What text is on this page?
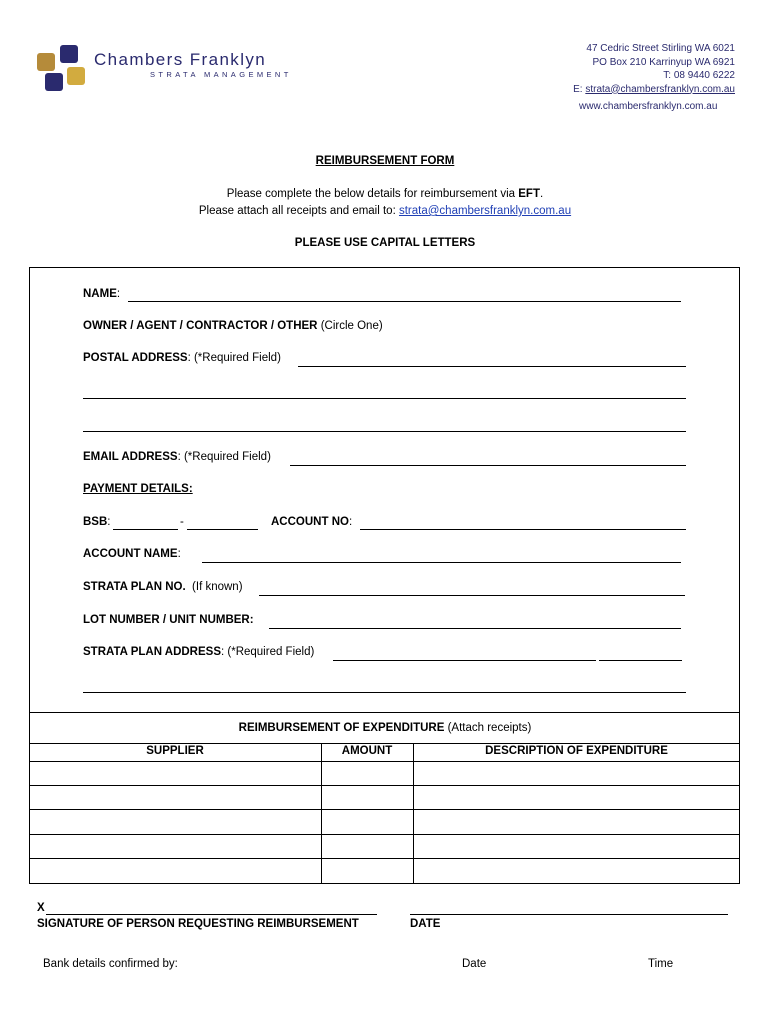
Chambers Franklyn
STRATA MANAGEMENT
47 Cedric Street Stirling WA 6021
PO Box 210 Karrinyup WA 6921
T: 08 9440 6222
E: strata@chambersfranklyn.com.au
www.chambersfranklyn.com.au
REIMBURSEMENT FORM
Please complete the below details for reimbursement via EFT.
Please attach all receipts and email to: strata@chambersfranklyn.com.au
PLEASE USE CAPITAL LETTERS
NAME:
OWNER / AGENT / CONTRACTOR / OTHER (Circle One)
POSTAL ADDRESS: (*Required Field)
EMAIL ADDRESS: (*Required Field)
PAYMENT DETAILS:
BSB:	-	ACCOUNT NO:
ACCOUNT NAME:
STRATA PLAN NO. (If known)
LOT NUMBER / UNIT NUMBER:
STRATA PLAN ADDRESS: (*Required Field)
REIMBURSEMENT OF EXPENDITURE (Attach receipts)
SUPPLIER	AMOUNT	DESCRIPTION OF EXPENDITURE
X
SIGNATURE OF PERSON REQUESTING REIMBURSEMENT	DATE
Bank details confirmed by:	Date	Time
